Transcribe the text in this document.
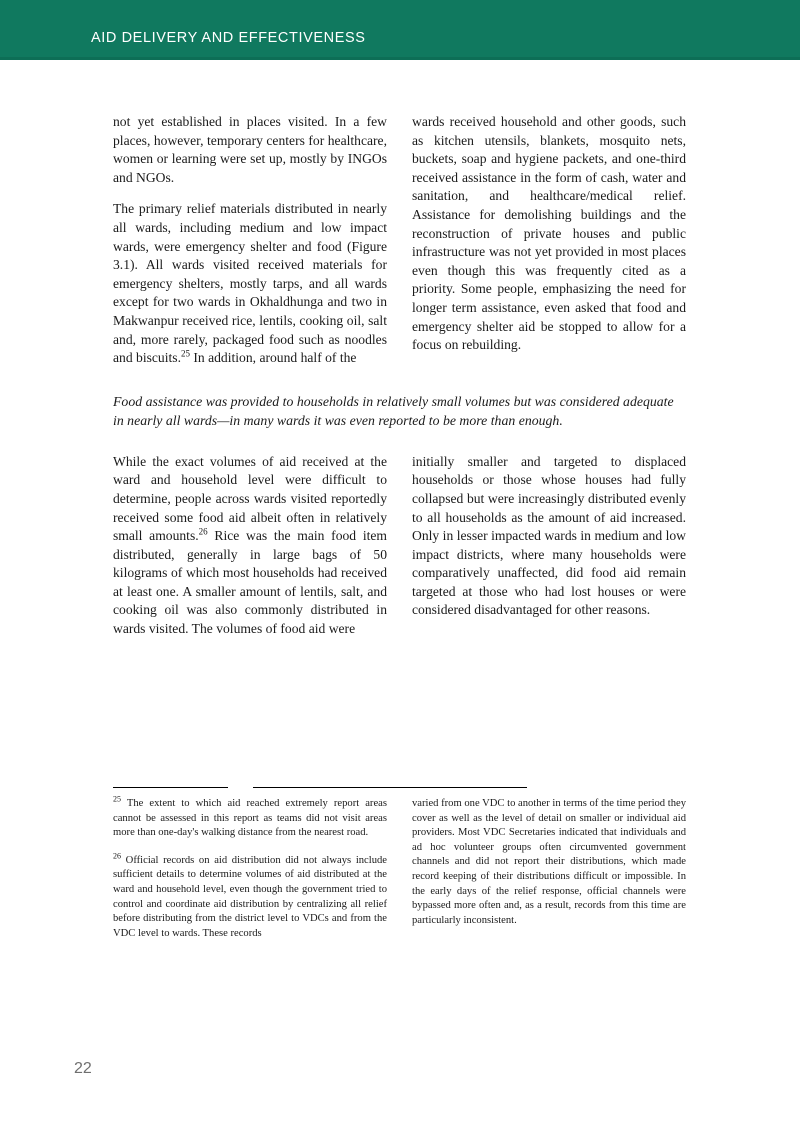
AID DELIVERY AND EFFECTIVENESS

not yet established in places visited. In a few places, however, temporary centers for healthcare, women or learning were set up, mostly by INGOs and NGOs.

The primary relief materials distributed in nearly all wards, including medium and low impact wards, were emergency shelter and food (Figure 3.1). All wards visited received materials for emergency shelters, mostly tarps, and all wards except for two wards in Okhaldhunga and two in Makwanpur received rice, lentils, cooking oil, salt and, more rarely, packaged food such as noodles and biscuits.$^{25}$ In addition, around half of the

wards received household and other goods, such as kitchen utensils, blankets, mosquito nets, buckets, soap and hygiene packets, and one-third received assistance in the form of cash, water and sanitation, and healthcare/medical relief. Assistance for demolishing buildings and the reconstruction of private houses and public infrastructure was not yet provided in most places even though this was frequently cited as a priority. Some people, emphasizing the need for longer term assistance, even asked that food and emergency shelter aid be stopped to allow for a focus on rebuilding.

Food assistance was provided to households in relatively small volumes but was considered adequate in nearly all wards—in many wards it was even reported to be more than enough.

While the exact volumes of aid received at the ward and household level were difficult to determine, people across wards visited reportedly received some food aid albeit often in relatively small amounts.$^{26}$ Rice was the main food item distributed, generally in large bags of 50 kilograms of which most households had received at least one. A smaller amount of lentils, salt, and cooking oil was also commonly distributed in wards visited. The volumes of food aid were

initially smaller and targeted to displaced households or those whose houses had fully collapsed but were increasingly distributed evenly to all households as the amount of aid increased. Only in lesser impacted wards in medium and low impact districts, where many households were comparatively unaffected, did food aid remain targeted at those who had lost houses or were considered disadvantaged for other reasons.

$^{25}$ The extent to which aid reached extremely report areas cannot be assessed in this report as teams did not visit areas more than one-day's walking distance from the nearest road.

$^{26}$ Official records on aid distribution did not always include sufficient details to determine volumes of aid distributed at the ward and household level, even though the government tried to control and coordinate aid distribution by centralizing all relief before distributing from the district level to VDCs and from the VDC level to wards. These records

varied from one VDC to another in terms of the time period they cover as well as the level of detail on smaller or individual aid providers. Most VDC Secretaries indicated that individuals and ad hoc volunteer groups often circumvented government channels and did not report their distributions, which made record keeping of their distributions difficult or impossible. In the early days of the relief response, official channels were bypassed more often and, as a result, records from this time are particularly inconsistent.

22
